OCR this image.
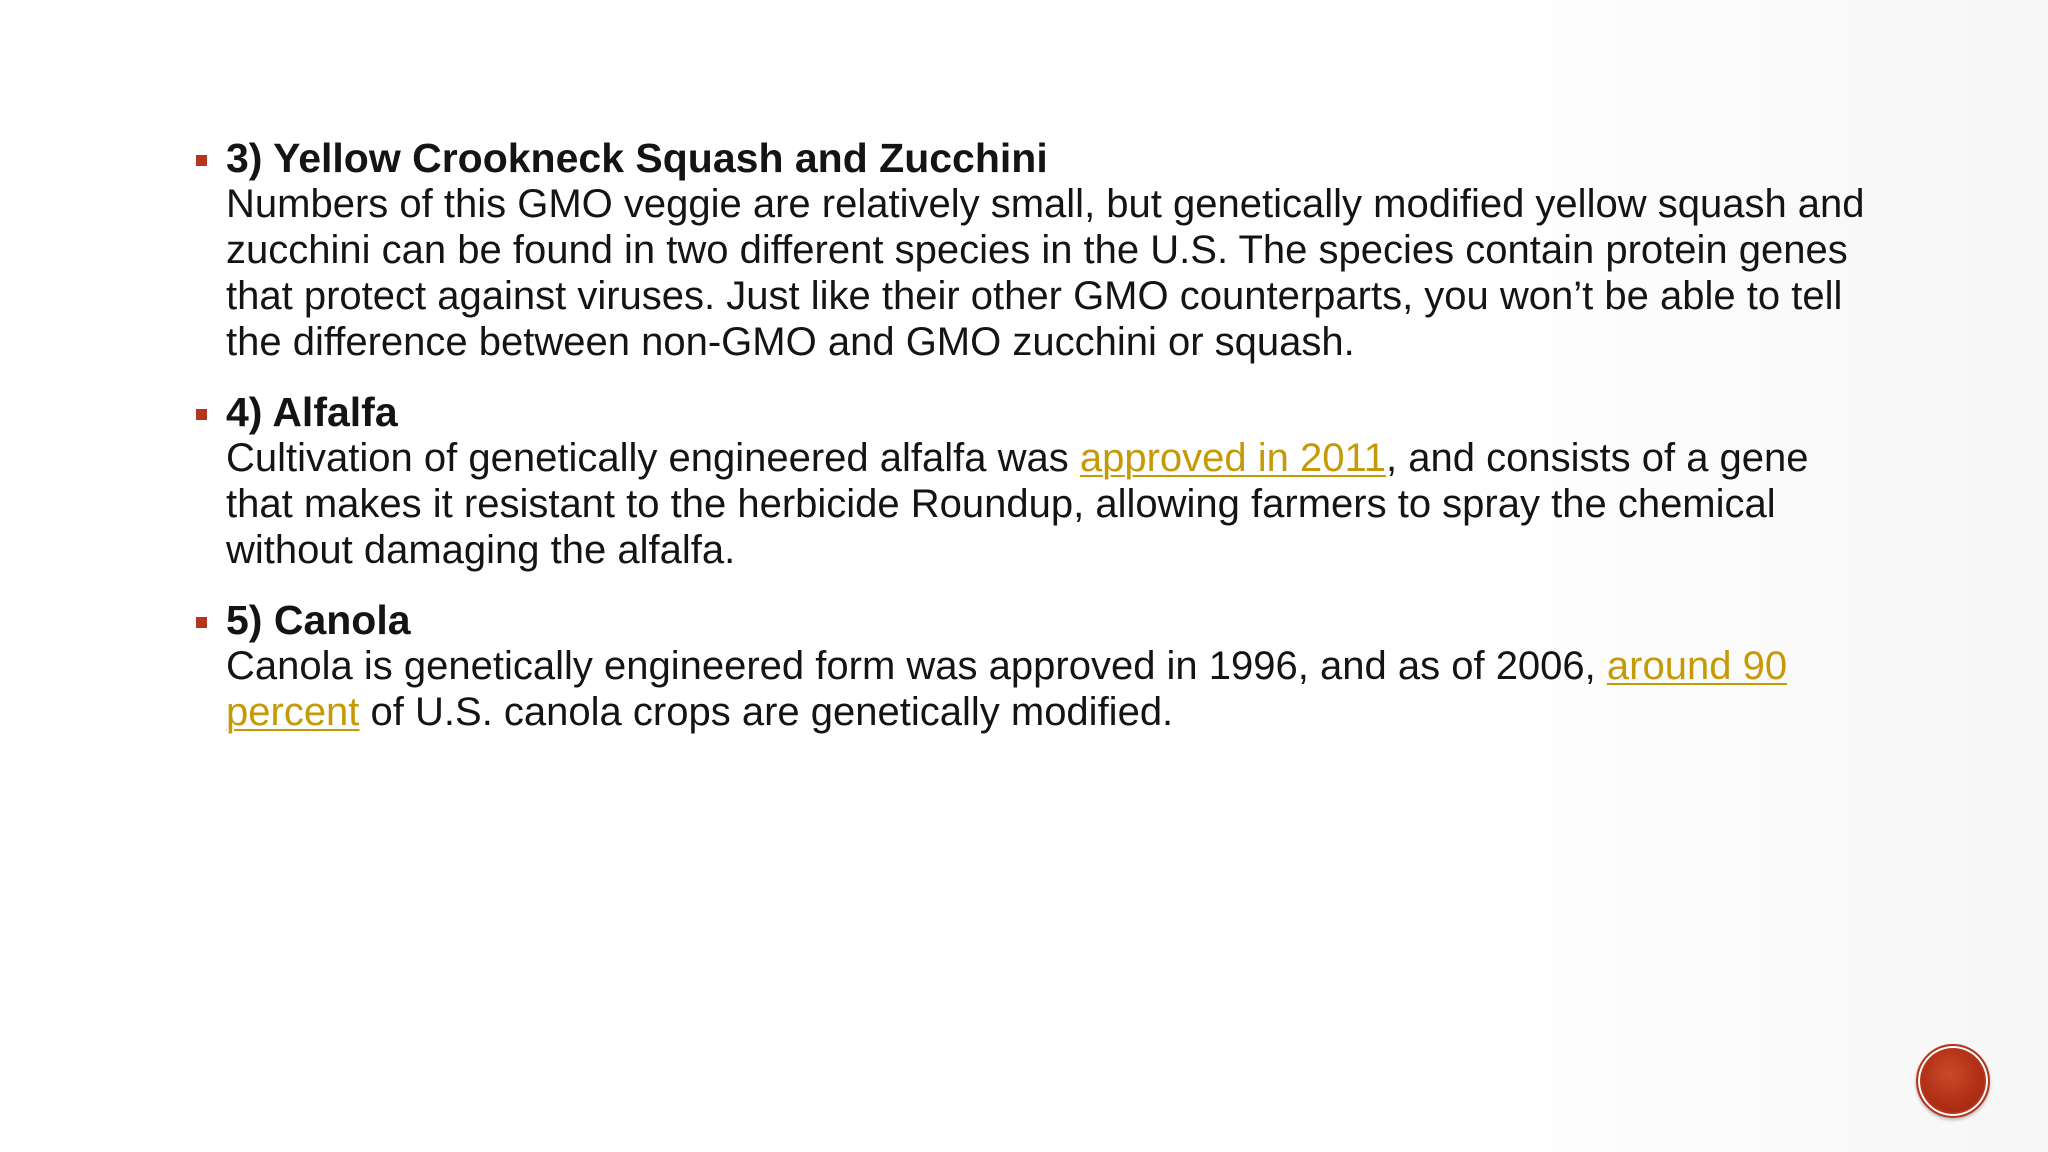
3) Yellow Crookneck Squash and Zucchini
Numbers of this GMO veggie are relatively small, but genetically modified yellow squash and zucchini can be found in two different species in the U.S. The species contain protein genes that protect against viruses. Just like their other GMO counterparts, you won’t be able to tell the difference between non-GMO and GMO zucchini or squash.
4) Alfalfa
Cultivation of genetically engineered alfalfa was approved in 2011, and consists of a gene that makes it resistant to the herbicide Roundup, allowing farmers to spray the chemical without damaging the alfalfa.
5) Canola
Canola is genetically engineered form was approved in 1996, and as of 2006, around 90 percent of U.S. canola crops are genetically modified.
